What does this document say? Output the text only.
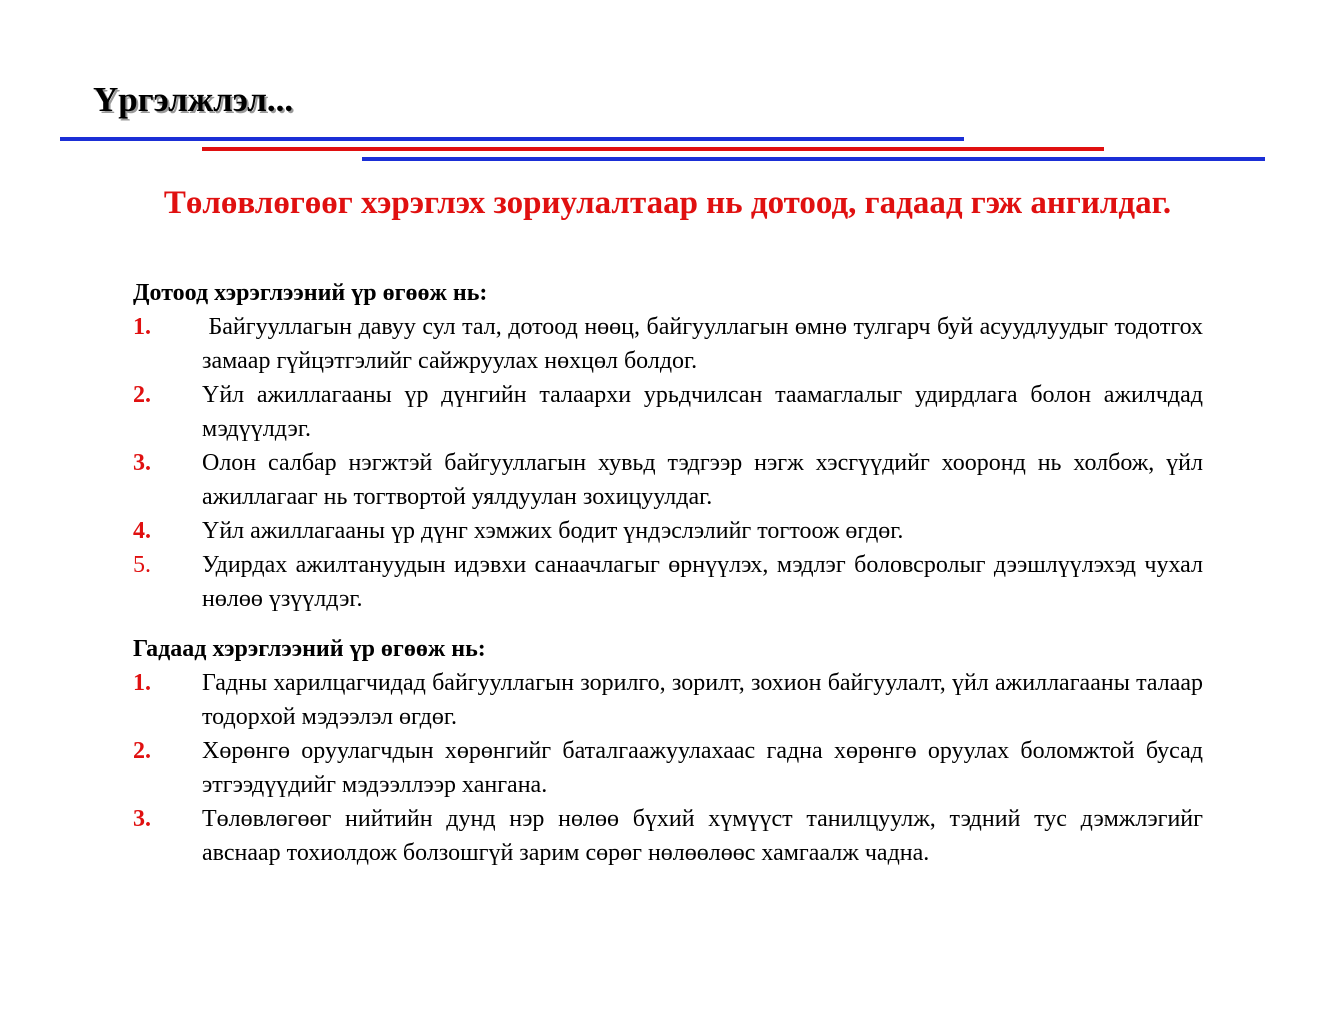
Үргэлжлэл...
Төлөвлөгөөг хэрэглэх зориулалтаар нь дотоод, гадаад гэж ангилдаг.

Дотоод хэрэглээний үр өгөөж нь:

1. Байгууллагын давуу сул тал, дотоод нөөц, байгууллагын өмнө тулгарч буй асуудлуудыг тодотгох замаар гүйцэтгэлийг сайжруулах нөхцөл болдог.
2. Үйл ажиллагааны үр дүнгийн талаархи урьдчилсан таамаглалыг удирдлага болон ажилчдад мэдүүлдэг.
3. Олон салбар нэгжтэй байгууллагын хувьд тэдгээр нэгж хэсгүүдийг хооронд нь холбож, үйл ажиллагааг нь тогтвортой уялдуулан зохицуулдаг.
4. Үйл ажиллагааны үр дүнг хэмжих бодит үндэслэлийг тогтоож өгдөг.
5. Удирдах ажилтануудын идэвхи санаачлагыг өрнүүлэх, мэдлэг боловсролыг дээшлүүлэхэд чухал нөлөө үзүүлдэг.

Гадаад хэрэглээний үр өгөөж нь:

1. Гадны харилцагчидад байгууллагын зорилго, зорилт, зохион байгуулалт, үйл ажиллагааны талаар тодорхой мэдээлэл өгдөг.
2. Хөрөнгө оруулагчдын хөрөнгийг баталгаажуулахаас гадна хөрөнгө оруулах боломжтой бусад этгээдүүдийг мэдээллээр хангана.
3. Төлөвлөгөөг нийтийн дунд нэр нөлөө бүхий хүмүүст танилцуулж, тэдний тус дэмжлэгийг авснаар тохиолдож болзошгүй зарим сөрөг нөлөөлөөс хамгаалж чадна.
